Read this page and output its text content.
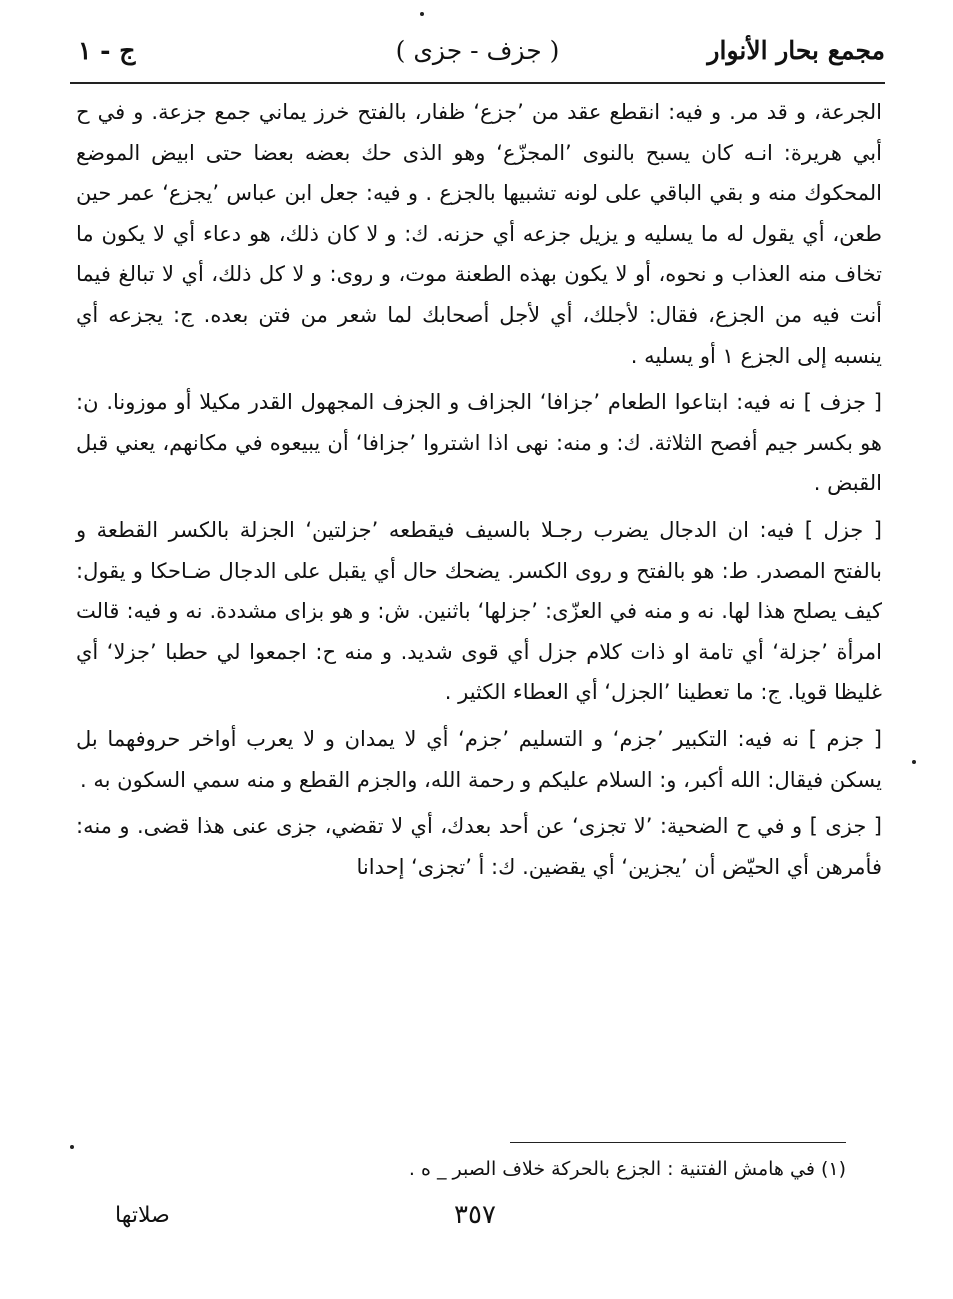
مجمع بحار الأنوار
( جزف - جزى )
ج - ١

الجرعة، و قد مر. و فيه: انقطع عقد من ’جزع‘ ظفار، بالفتح خرز يماني جمع جزعة. و في ح أبي هريرة: انـه كان يسبح بالنوى ’المجزّع‘ وهو الذى حك بعضه بعضا حتى ابيض الموضع المحكوك منه و بقي الباقي على لونه تشبيها بالجزع . و فيه: جعل ابن عباس ’يجزع‘ عمر حين طعن، أي يقول له ما يسليه و يزيل جزعه أي حزنه. ك: و لا كان ذلك، هو دعاء أي لا يكون ما تخاف منه العذاب و نحوه، أو لا يكون بهذه الطعنة موت، و روى: و لا كل ذلك، أي لا تبالغ فيما أنت فيه من الجزع، فقال: لأجلك، أي لأجل أصحابك لما شعر من فتن بعده. ج: يجزعه أي ينسبه إلى الجزع ١ أو يسليه .

[ جزف ] نه فيه: ابتاعوا الطعام ’جزافا‘ الجزاف و الجزف المجهول القدر مكيلا أو موزونا. ن: هو بكسر جيم أفصح الثلاثة. ك: و منه: نهى اذا اشتروا ’جزافا‘ أن يبيعوه في مكانهم، يعني قبل القبض .

[ جزل ] فيه: ان الدجال يضرب رجـلا بالسيف فيقطعه ’جزلتين‘ الجزلة بالكسر القطعة و بالفتح المصدر. ط: هو بالفتح و روى الكسر. يضحك حال أي يقبل على الدجال ضـاحكا و يقول: كيف يصلح هذا لها. نه و منه في العزّى: ’جزلها‘ باثنين. ش: و هو بزاى مشددة. نه و فيه: قالت امرأة ’جزلة‘ أي تامة او ذات كلام جزل أي قوى شديد. و منه ح: اجمعوا لي حطبا ’جزلا‘ أي غليظا قويا. ج: ما تعطينا ’الجزل‘ أي العطاء الكثير .

[ جزم ] نه فيه: التكبير ’جزم‘ و التسليم ’جزم‘ أي لا يمدان و لا يعرب أواخر حروفهما بل يسكن فيقال: الله أكبر، و: السلام عليكم و رحمة الله، والجزم القطع و منه سمي السكون به .

[ جزى ] و في ح الضحية: ’لا تجزى‘ عن أحد بعدك، أي لا تقضي، جزى عنى هذا قضى. و منه: فأمرهن أي الحيّض أن ’يجزين‘ أي يقضين. ك: أ ’تجزى‘ إحدانا

(١) في هامش الفتنية : الجزع بالحركة خلاف الصبر _ ه .
٣٥٧
صلاتها
